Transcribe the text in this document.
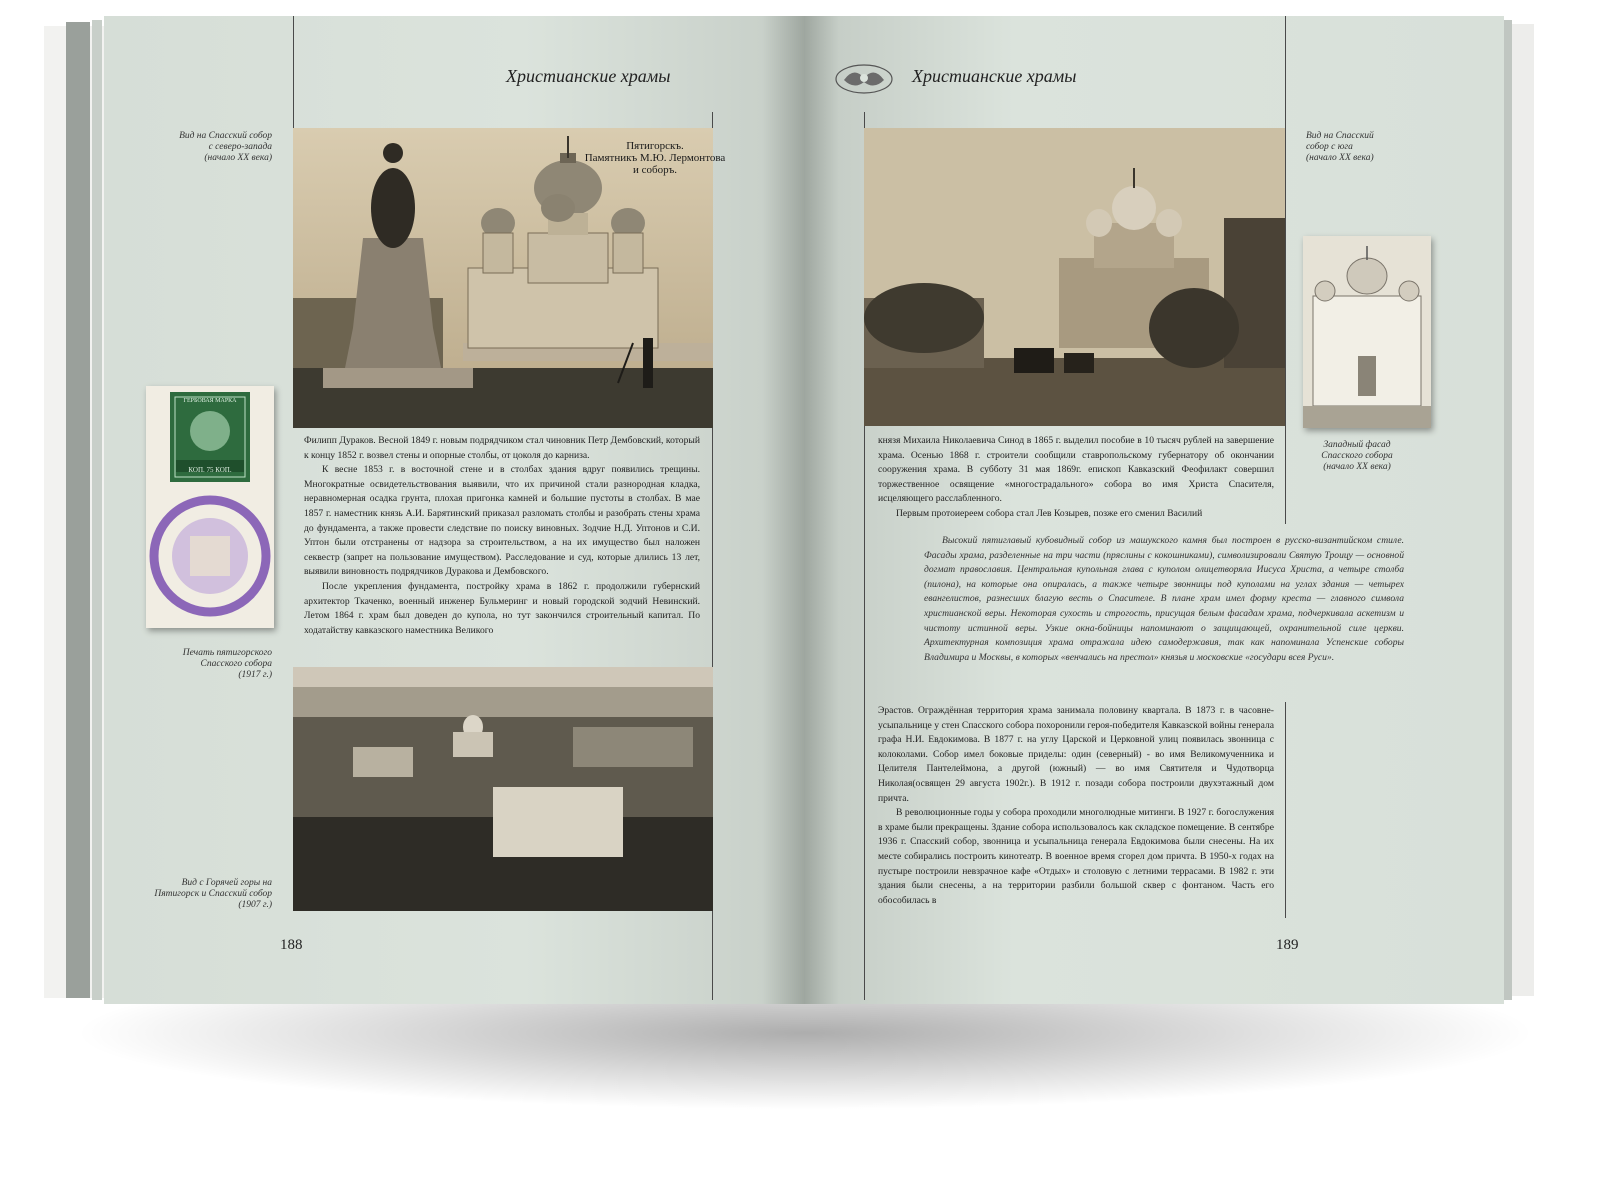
Христианские храмы
Вид на Спасский собор
с северо-запада
(начало XX века)
Пятигорскъ.
Памятникъ М.Ю. Лермонтова
и соборъ.
ГЕРБОВАЯ МАРКА
КОП. 75 КОП.
Печать пятигорского
Спасского собора
(1917 г.)

Филипп Дураков. Весной 1849 г. новым подрядчиком стал чиновник Петр Дембовский, который к концу 1852 г. возвел стены и опорные столбы, от цоколя до карниза.

К весне 1853 г. в восточной стене и в столбах здания вдруг появились трещины. Многократные освидетельствования выявили, что их причиной стали разнородная кладка, неравномерная осадка грунта, плохая пригонка камней и большие пустоты в столбах. В мае 1857 г. наместник князь А.И. Барятинский приказал разломать столбы и разобрать стены храма до фундамента, а также провести следствие по поиску виновных. Зодчие Н.Д. Уптонов и С.И. Уптон были отстранены от надзора за строительством, а на их имущество был наложен секвестр (запрет на пользование имуществом). Расследование и суд, которые длились 13 лет, выявили виновность подрядчиков Дуракова и Дембовского.

После укрепления фундамента, постройку храма в 1862 г. продолжили губернский архитектор Ткаченко, военный инженер Бульмеринг и новый городской зодчий Невинский. Летом 1864 г. храм был доведен до купола, но тут закончился строительный капитал. По ходатайству кавказского наместника Великого

Вид с Горячей горы на
Пятигорск и Спасский собор
(1907 г.)
188
Христианские храмы
Вид на Спасский
собор с юга
(начало XX века)
Западный фасад
Спасского собора
(начало XX века)

князя Михаила Николаевича Синод в 1865 г. выделил пособие в 10 тысяч рублей на завершение храма. Осенью 1868 г. строители сообщили ставропольскому губернатору об окончании сооружения храма. В субботу 31 мая 1869г. епископ Кавказский Феофилакт совершил торжественное освящение «многострадального» собора во имя Христа Спасителя, исцеляющего расслабленного.

Первым протоиереем собора стал Лев Козырев, позже его сменил Василий

Высокий пятиглавый кубовидный собор из машукского камня был построен в русско-византийском стиле. Фасады храма, разделенные на три части (пряслины с кокошниками), символизировали Святую Троицу — основной догмат православия. Центральная купольная глава с куполом олицетворяла Иисуса Христа, а четыре столба (пилона), на которые она опиралась, а также четыре звонницы под куполами на углах здания — четырех евангелистов, разнесших благую весть о Спасителе. В плане храм имел форму креста — главного символа христианской веры. Некоторая сухость и строгость, присущая белым фасадам храма, подчеркивала аскетизм и чистоту истинной веры. Узкие окна-бойницы напоминают о защищающей, охранительной силе церкви. Архитектурная композиция храма отражала идею самодержавия, так как напоминала Успенские соборы Владимира и Москвы, в которых «венчались на престол» князья и московские «государи всея Руси».

Эрастов. Ограждённая территория храма занимала половину квартала. В 1873 г. в часовне-усыпальнице у стен Спасского собора похоронили героя-победителя Кавказской войны генерала графа Н.И. Евдокимова. В 1877 г. на углу Царской и Церковной улиц появилась звонница с колоколами. Собор имел боковые приделы: один (северный) - во имя Великомученника и Целителя Пантелеймона, а другой (южный) — во имя Святителя и Чудотворца Николая(освящен 29 августа 1902г.). В 1912 г. позади собора построили двухэтажный дом причта.

В революционные годы у собора проходили многолюдные митинги. В 1927 г. богослужения в храме были прекращены. Здание собора использовалось как складское помещение. В сентябре 1936 г. Спасский собор, звонница и усыпальница генерала Евдокимова были снесены. На их месте собирались построить кинотеатр. В военное время сгорел дом причта. В 1950-х годах на пустыре построили невзрачное кафе «Отдых» и столовую с летними террасами. В 1982 г. эти здания были снесены, а на территории разбили большой сквер с фонтаном. Часть его обособилась в

189
